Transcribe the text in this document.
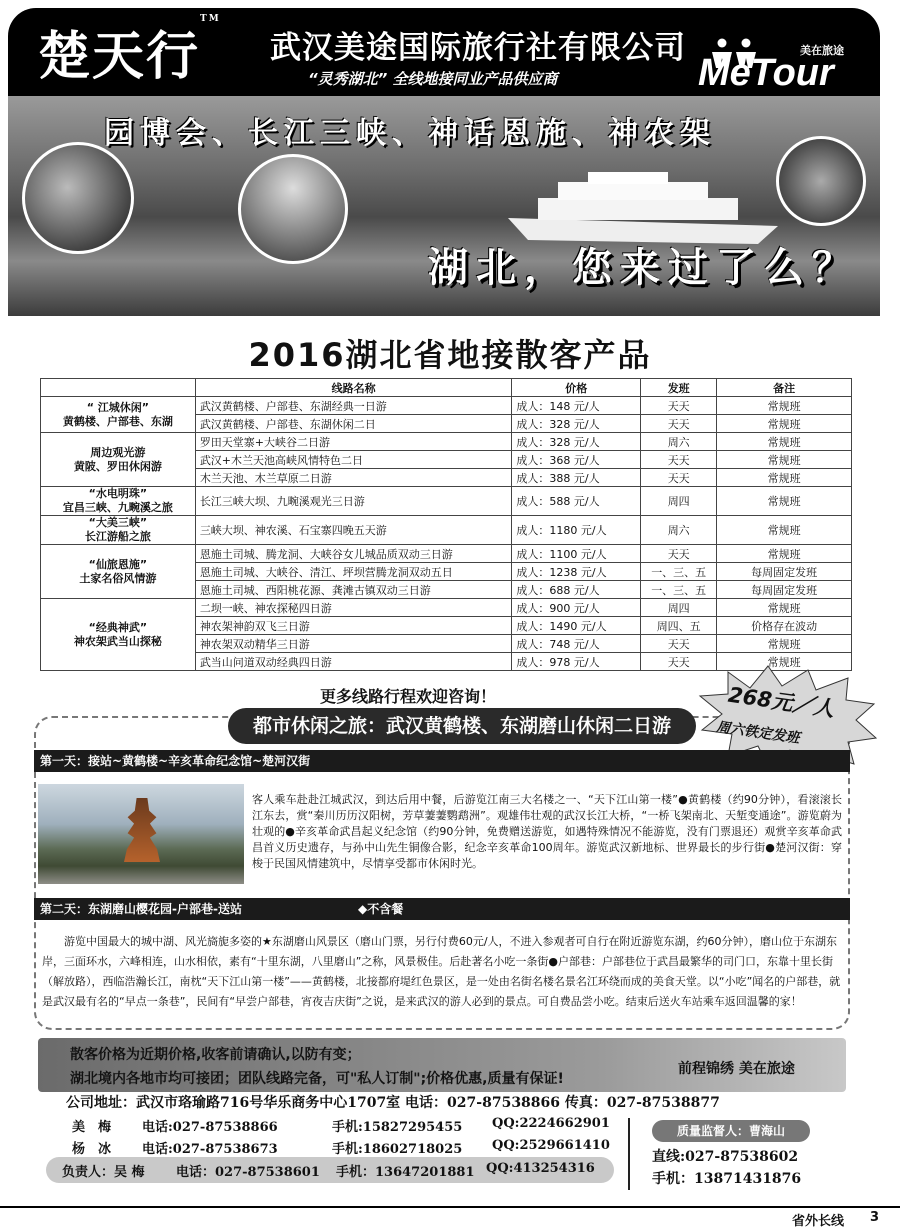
楚天行™
武汉美途国际旅行社有限公司
“灵秀湖北” 全线地接同业产品供应商	MeTour
美在旅途
园博会、长江三峡、神话恩施、神农架
湖北，您来过了么？
2016湖北省地接散客产品
	线路名称	价格	发班	备注

“ 江城休闲”
黄鹤楼、户部巷、东湖	武汉黄鹤楼、户部巷、东湖经典一日游	成人：148 元/人	天天	常规班
	武汉黄鹤楼、户部巷、东湖休闲二日	成人：328 元/人	天天	常规班

周边观光游
黄陂、罗田休闲游	罗田天堂寨+大峡谷二日游	成人：328 元/人	周六	常规班
	武汉+木兰天池高峡风情特色二日	成人：368 元/人	天天	常规班
	木兰天池、木兰草原二日游	成人：388 元/人	天天	常规班

“水电明珠”
宜昌三峡、九畹溪之旅	长江三峡大坝、九畹溪观光三日游	成人：588 元/人	周四	常规班

“大美三峡”
长江游船之旅	三峡大坝、神农溪、石宝寨四晚五天游	成人：1180 元/人	周六	常规班

“仙旅恩施”
土家名俗风情游	恩施土司城、腾龙洞、大峡谷女儿城品质双动三日游	成人：1100 元/人	天天	常规班
	恩施土司城、大峡谷、清江、坪坝营腾龙洞双动五日	成人：1238 元/人	一、三、五	每周固定发班
	恩施土司城、西阳桃花源、龚滩古镇双动三日游	成人：688 元/人	一、三、五	每周固定发班

“经典神武”
神农架武当山探秘	二坝一峡、神农探秘四日游	成人：900 元/人	周四	常规班
	神农架神韵双飞三日游	成人：1490 元/人	周四、五	价格存在波动
	神农架双动精华三日游	成人：748 元/人	天天	常规班
	武当山问道双动经典四日游	成人：978 元/人	天天	常规班
更多线路行程欢迎咨询！	268元／人
周六铁定发班
都市休闲之旅：武汉黄鹤楼、东湖磨山休闲二日游
第一天：接站~黄鹤楼~辛亥革命纪念馆~楚河汉街
客人乘车赴赴江城武汉，到达后用中餐，后游览江南三大名楼之一、“天下江山第一楼”●黄鹤楼（约90分钟），看滚滚长江东去，赏“秦川历历汉阳树，芳草萋萋鹦鹉洲”。观雄伟壮观的武汉长江大桥，“一桥飞架南北、天堑变通途”。游览蔚为壮观的●辛亥革命武昌起义纪念馆（约90分钟，免费赠送游览，如遇特殊情况不能游览，没有门票退还）观赏辛亥革命武昌首义历史遗存，与孙中山先生铜像合影，纪念辛亥革命100周年。游览武汉新地标、世界最长的步行街●楚河汉街：穿梭于民国风情建筑中，尽情享受都市休闲时光。
第二天：东湖磨山樱花园-户部巷-送站	◆不含餐
游览中国最大的城中湖、风光旖旎多姿的★东湖磨山风景区（磨山门票，另行付费60元/人，不进入参观者可自行在附近游览东湖，约60分钟），磨山位于东湖东岸，三面环水，六峰相连，山水相依，素有“十里东湖，八里磨山”之称，风景极佳。后赴著名小吃一条街●户部巷：户部巷位于武昌最繁华的司门口，东靠十里长街（解放路），西临浩瀚长江，南枕“天下江山第一楼”——黄鹤楼，北接都府堤红色景区，是一处由名街名楼名景名江环绕而成的美食天堂。以“小吃”闻名的户部巷，就是武汉最有名的“早点一条巷”，民间有“早尝户部巷，宵夜吉庆街”之说，是来武汉的游人必到的景点。可自费品尝小吃。结束后送火车站乘车返回温馨的家！
散客价格为近期价格,收客前请确认,以防有变；
湖北境内各地市均可接团；团队线路完备，可"私人订制";价格优惠,质量有保证!
前程锦绣 美在旅途
公司地址：武汉市珞瑜路716号华乐商务中心1707室 电话：027-87538866 传真：027-87538877
美　梅 电话:027-87538866	手机:15827295455 QQ:2224662901
杨　冰 电话:027-87538673	手机:18602718025 QQ:2529661410
负责人：吴 梅 电话：027-87538601 手机：13647201881 QQ:413254316
质量监督人：曹海山
直线:027-87538602
手机：13871431876
省外长线 3
